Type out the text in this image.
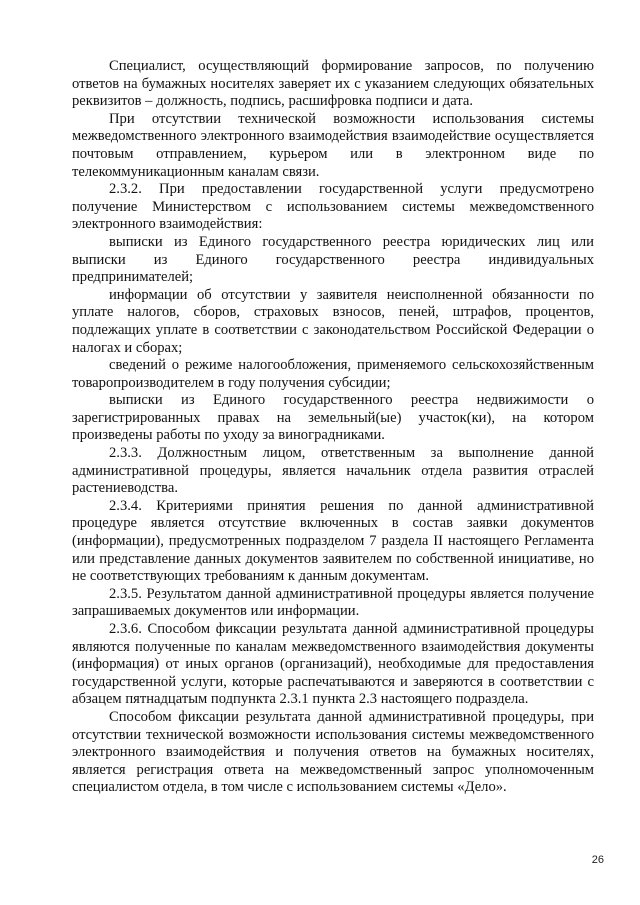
Специалист, осуществляющий формирование запросов, по получению ответов на бумажных носителях заверяет их с указанием следующих обязательных реквизитов – должность, подпись, расшифровка подписи и дата.

При отсутствии технической возможности использования системы межведомственного электронного взаимодействия взаимодействие осуществляется почтовым отправлением, курьером или в электронном виде по телекоммуникационным каналам связи.

2.3.2. При предоставлении государственной услуги предусмотрено получение Министерством с использованием системы межведомственного электронного взаимодействия:

выписки из Единого государственного реестра юридических лиц или выписки из Единого государственного реестра индивидуальных предпринимателей;

информации об отсутствии у заявителя неисполненной обязанности по уплате налогов, сборов, страховых взносов, пеней, штрафов, процентов, подлежащих уплате в соответствии с законодательством Российской Федерации о налогах и сборах;

сведений о режиме налогообложения, применяемого сельскохозяйственным товаропроизводителем в году получения субсидии;

выписки из Единого государственного реестра недвижимости о зарегистрированных правах на земельный(ые) участок(ки), на котором произведены работы по уходу за виноградниками.

2.3.3. Должностным лицом, ответственным за выполнение данной административной процедуры, является начальник отдела развития отраслей растениеводства.

2.3.4. Критериями принятия решения по данной административной процедуре является отсутствие включенных в состав заявки документов (информации), предусмотренных подразделом 7 раздела II настоящего Регламента или представление данных документов заявителем по собственной инициативе, но не соответствующих требованиям к данным документам.

2.3.5. Результатом данной административной процедуры является получение запрашиваемых документов или информации.

2.3.6. Способом фиксации результата данной административной процедуры являются полученные по каналам межведомственного взаимодействия документы (информация) от иных органов (организаций), необходимые для предоставления государственной услуги, которые распечатываются и заверяются в соответствии с абзацем пятнадцатым подпункта 2.3.1 пункта 2.3 настоящего подраздела.

Способом фиксации результата данной административной процедуры, при отсутствии технической возможности использования системы межведомственного электронного взаимодействия и получения ответов на бумажных носителях, является регистрация ответа на межведомственный запрос уполномоченным специалистом отдела, в том числе с использованием системы «Дело».

26
